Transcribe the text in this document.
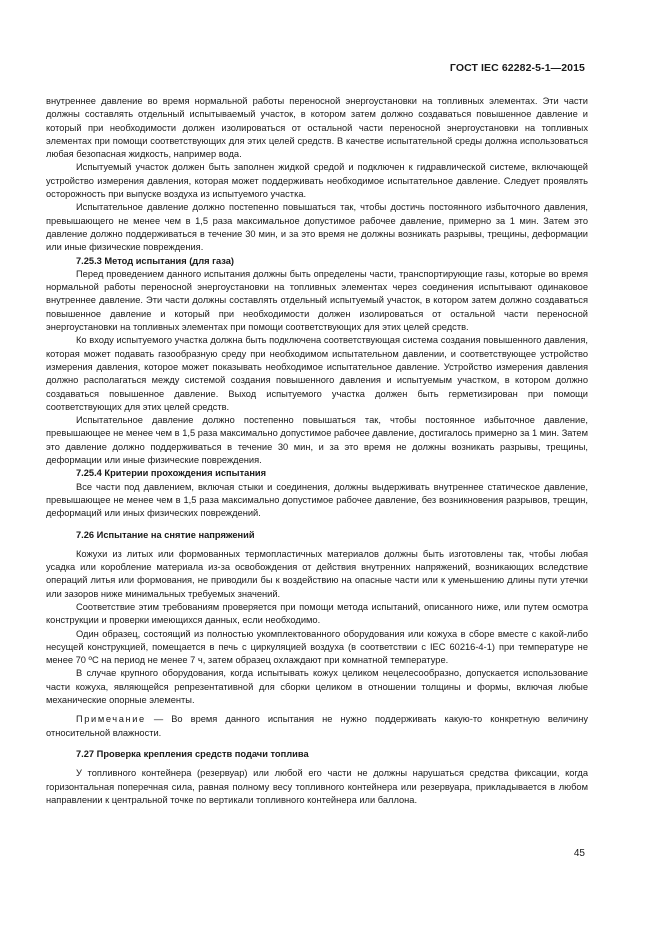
ГОСТ IEC 62282-5-1—2015

внутреннее давление во время нормальной работы переносной энергоустановки на топливных элементах. Эти части должны составлять отдельный испытываемый участок, в котором затем должно создаваться повышенное давление и который при необходимости должен изолироваться от остальной части переносной энергоустановки на топливных элементах при помощи соответствующих для этих целей средств. В качестве испытательной среды должна использоваться любая безопасная жидкость, например вода.

Испытуемый участок должен быть заполнен жидкой средой и подключен к гидравлической системе, включающей устройство измерения давления, которая может поддерживать необходимое испытательное давление. Следует проявлять осторожность при выпуске воздуха из испытуемого участка.

Испытательное давление должно постепенно повышаться так, чтобы достичь постоянного избыточного давления, превышающего не менее чем в 1,5 раза максимальное допустимое рабочее давление, примерно за 1 мин. Затем это давление должно поддерживаться в течение 30 мин, и за это время не должны возникать разрывы, трещины, деформации или иные физические повреждения.

7.25.3 Метод испытания (для газа)

Перед проведением данного испытания должны быть определены части, транспортирующие газы, которые во время нормальной работы переносной энергоустановки на топливных элементах через соединения испытывают одинаковое внутреннее давление. Эти части должны составлять отдельный испытуемый участок, в котором затем должно создаваться повышенное давление и который при необходимости должен изолироваться от остальной части переносной энергоустановки на топливных элементах при помощи соответствующих для этих целей средств.

Ко входу испытуемого участка должна быть подключена соответствующая система создания повышенного давления, которая может подавать газообразную среду при необходимом испытательном давлении, и соответствующее устройство измерения давления, которое может показывать необходимое испытательное давление. Устройство измерения давления должно располагаться между системой создания повышенного давления и испытуемым участком, в котором должно создаваться повышенное давление. Выход испытуемого участка должен быть герметизирован при помощи соответствующих для этих целей средств.

Испытательное давление должно постепенно повышаться так, чтобы постоянное избыточное давление, превышающее не менее чем в 1,5 раза максимально допустимое рабочее давление, достигалось примерно за 1 мин. Затем это давление должно поддерживаться в течение 30 мин, и за это время не должны возникать разрывы, трещины, деформации или иные физические повреждения.

7.25.4 Критерии прохождения испытания

Все части под давлением, включая стыки и соединения, должны выдерживать внутреннее статическое давление, превышающее не менее чем в 1,5 раза максимально допустимое рабочее давление, без возникновения разрывов, трещин, деформаций или иных физических повреждений.

7.26 Испытание на снятие напряжений

Кожухи из литых или формованных термопластичных материалов должны быть изготовлены так, чтобы любая усадка или коробление материала из-за освобождения от действия внутренних напряжений, возникающих вследствие операций литья или формования, не приводили бы к воздействию на опасные части или к уменьшению длины пути утечки или зазоров ниже минимальных требуемых значений.

Соответствие этим требованиям проверяется при помощи метода испытаний, описанного ниже, или путем осмотра конструкции и проверки имеющихся данных, если необходимо.

Один образец, состоящий из полностью укомплектованного оборудования или кожуха в сборе вместе с какой-либо несущей конструкцией, помещается в печь с циркуляцией воздуха (в соответствии с IEC 60216-4-1) при температуре не менее 70 ºС на период не менее 7 ч, затем образец охлаждают при комнатной температуре.

В случае крупного оборудования, когда испытывать кожух целиком нецелесообразно, допускается использование части кожуха, являющейся репрезентативной для сборки целиком в отношении толщины и формы, включая любые механические опорные элементы.

Примечание — Во время данного испытания не нужно поддерживать какую-то конкретную величину относительной влажности.

7.27 Проверка крепления средств подачи топлива

У топливного контейнера (резервуар) или любой его части не должны нарушаться средства фиксации, когда горизонтальная поперечная сила, равная полному весу топливного контейнера или резервуара, прикладывается в любом направлении к центральной точке по вертикали топливного контейнера или баллона.

45
